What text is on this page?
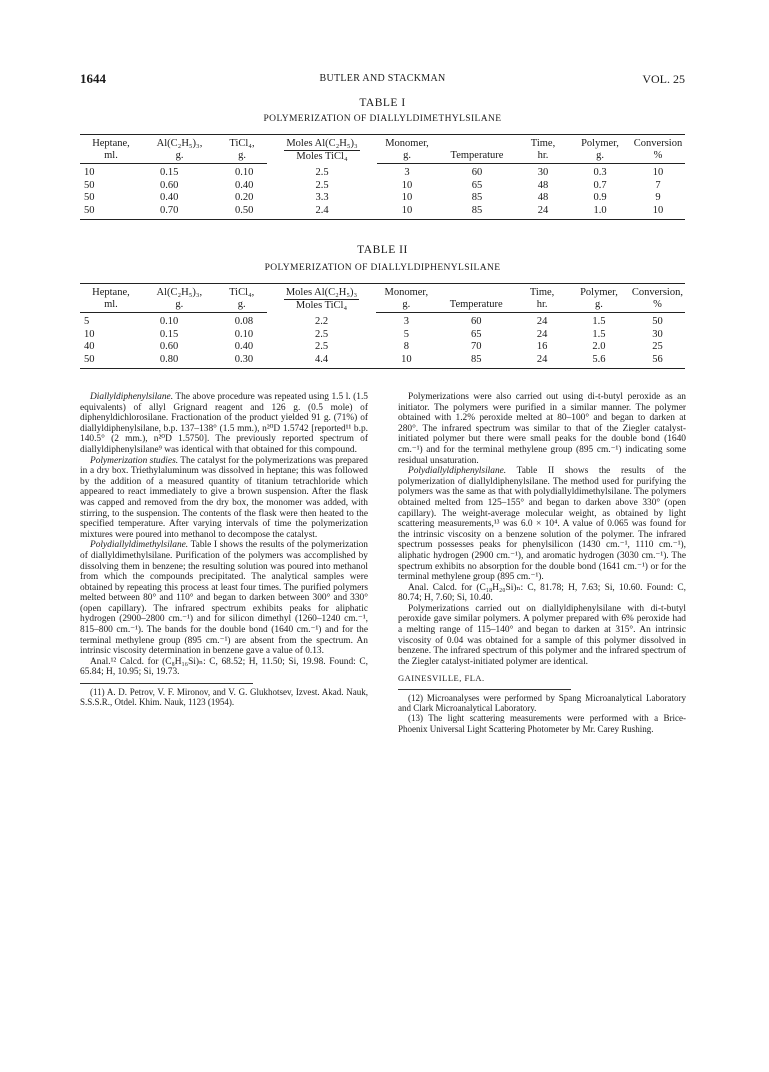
1644	BUTLER AND STACKMAN	VOL. 25
TABLE I
POLYMERIZATION OF DIALLYLDIMETHYLSILANE
Heptane,	Al(C₂H₅)₃,	TiCl₄,	$\frac{\text{Moles Al(C₂H₅)₃}}{\text{Moles TiCl₄}}$	Monomer,		Time,	Polymer,	Conversion
ml.	g.	g.		g.	Temperature	hr.	g.	%
10	0.15	0.10	2.5	3	60	30	0.3	10
50	0.60	0.40	2.5	10	65	48	0.7	7
50	0.40	0.20	3.3	10	85	48	0.9	9
50	0.70	0.50	2.4	10	85	24	1.0	10
TABLE II
POLYMERIZATION OF DIALLYLDIPHENYLSILANE
Heptane,	Al(C₂H₅)₃,	TiCl₄,	$\frac{\text{Moles Al(C₂H₅)₃}}{\text{Moles TiCl₄}}$	Monomer,		Time,	Polymer,	Conversion,
ml.	g.	g.		g.	Temperature	hr.	g.	%
5	0.10	0.08	2.2	3	60	24	1.5	50
10	0.15	0.10	2.5	5	65	24	1.5	30
40	0.60	0.40	2.5	8	70	16	2.0	25
50	0.80	0.30	4.4	10	85	24	5.6	56

Diallyldiphenylsilane. The above procedure was repeated using 1.5 l. (1.5 equivalents) of allyl Grignard reagent and 126 g. (0.5 mole) of diphenyldichlorosilane. Fractionation of the product yielded 91 g. (71%) of diallyldiphenylsilane, b.p. 137–138° (1.5 mm.), n²⁰D 1.5742 [reported¹¹ b.p. 140.5° (2 mm.), n²⁰D 1.5750]. The previously reported spectrum of diallyldiphenylsilane⁹ was identical with that obtained for this compound.

Polymerization studies. The catalyst for the polymerizations was prepared in a dry box. Triethylaluminum was dissolved in heptane; this was followed by the addition of a measured quantity of titanium tetrachloride which appeared to react immediately to give a brown suspension. After the flask was capped and removed from the dry box, the monomer was added, with stirring, to the suspension. The contents of the flask were then heated to the specified temperature. After varying intervals of time the polymerization mixtures were poured into methanol to decompose the catalyst.

Polydiallyldimethylsilane. Table I shows the results of the polymerization of diallyldimethylsilane. Purification of the polymers was accomplished by dissolving them in benzene; the resulting solution was poured into methanol from which the compounds precipitated. The analytical samples were obtained by repeating this process at least four times. The purified polymers melted between 80° and 110° and began to darken between 300° and 330° (open capillary). The infrared spectrum exhibits peaks for aliphatic hydrogen (2900–2800 cm.⁻¹) and for silicon dimethyl (1260–1240 cm.⁻¹, 815–800 cm.⁻¹). The bands for the double bond (1640 cm.⁻¹) and for the terminal methylene group (895 cm.⁻¹) are absent from the spectrum. An intrinsic viscosity determination in benzene gave a value of 0.13.

Anal.¹² Calcd. for (C₈H₁₆Si)ₙ: C, 68.52; H, 11.50; Si, 19.98. Found: C, 65.84; H, 10.95; Si, 19.73.

(11) A. D. Petrov, V. F. Mironov, and V. G. Glukhotsev, Izvest. Akad. Nauk, S.S.S.R., Otdel. Khim. Nauk, 1123 (1954).

Polymerizations were also carried out using di-t-butyl peroxide as an initiator. The polymers were purified in a similar manner. The polymer obtained with 1.2% peroxide melted at 80–100° and began to darken at 280°. The infrared spectrum was similar to that of the Ziegler catalyst-initiated polymer but there were small peaks for the double bond (1640 cm.⁻¹) and for the terminal methylene group (895 cm.⁻¹) indicating some residual unsaturation.

Polydiallyldiphenylsilane. Table II shows the results of the polymerization of diallyldiphenylsilane. The method used for purifying the polymers was the same as that with polydiallyldimethylsilane. The polymers obtained melted from 125–155° and began to darken above 330° (open capillary). The weight-average molecular weight, as obtained by light scattering measurements,¹³ was 6.0 × 10⁴. A value of 0.065 was found for the intrinsic viscosity on a benzene solution of the polymer. The infrared spectrum possesses peaks for phenylsilicon (1430 cm.⁻¹, 1110 cm.⁻¹), aliphatic hydrogen (2900 cm.⁻¹), and aromatic hydrogen (3030 cm.⁻¹). The spectrum exhibits no absorption for the double bond (1641 cm.⁻¹) or for the terminal methylene group (895 cm.⁻¹).

Anal. Calcd. for (C₁₈H₂₀Si)ₙ: C, 81.78; H, 7.63; Si, 10.60. Found: C, 80.74; H, 7.60; Si, 10.40.

Polymerizations carried out on diallyldiphenylsilane with di-t-butyl peroxide gave similar polymers. A polymer prepared with 6% peroxide had a melting range of 115–140° and began to darken at 315°. An intrinsic viscosity of 0.04 was obtained for a sample of this polymer dissolved in benzene. The infrared spectrum of this polymer and the infrared spectrum of the Ziegler catalyst-initiated polymer are identical.

GAINESVILLE, FLA.

(12) Microanalyses were performed by Spang Microanalytical Laboratory and Clark Microanalytical Laboratory.

(13) The light scattering measurements were performed with a Brice-Phoenix Universal Light Scattering Photometer by Mr. Carey Rushing.
